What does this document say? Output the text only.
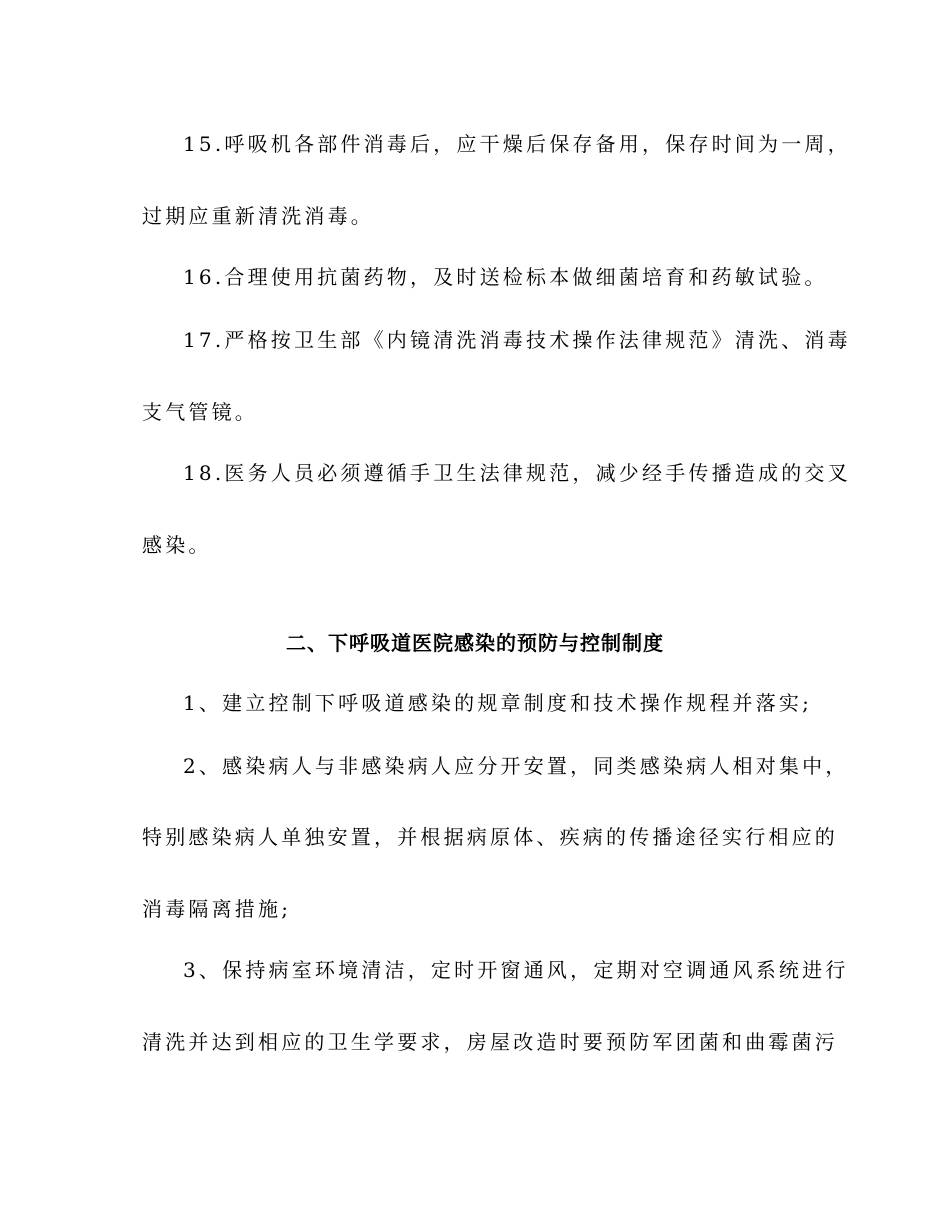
15.呼吸机各部件消毒后，应干燥后保存备用，保存时间为一周，
过期应重新清洗消毒。
16.合理使用抗菌药物，及时送检标本做细菌培育和药敏试验。
17.严格按卫生部《内镜清洗消毒技术操作法律规范》清洗、消毒
支气管镜。
18.医务人员必须遵循手卫生法律规范，减少经手传播造成的交叉
感染。
二、下呼吸道医院感染的预防与控制制度
1、建立控制下呼吸道感染的规章制度和技术操作规程并落实;
2、感染病人与非感染病人应分开安置，同类感染病人相对集中，
特别感染病人单独安置，并根据病原体、疾病的传播途径实行相应的
消毒隔离措施;
3、保持病室环境清洁，定时开窗通风，定期对空调通风系统进行
清洗并达到相应的卫生学要求，房屋改造时要预防军团菌和曲霉菌污
